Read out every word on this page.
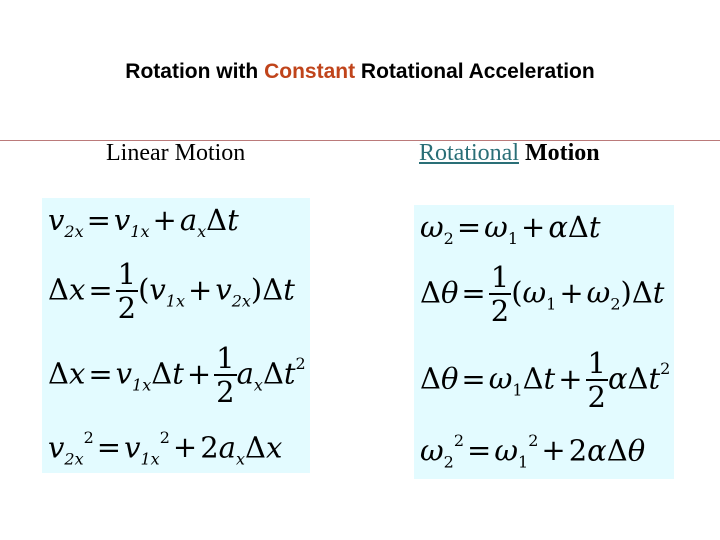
Rotation with Constant Rotational Acceleration
Linear Motion	Rotational Motion
$v_{2x} = v_{1x} + a_x\Delta t$
$\Delta x = \frac{1}{2} (v_{1x} + v_{2x})\Delta t$
$\Delta x = v_{1x}\Delta t + \frac{1}{2} a_x\Delta t^2$
$v_{2x}^2 = v_{1x}^2 + 2a_x\Delta x$
$\omega_2 = \omega_1 + \alpha\Delta t$
$\Delta\theta = \frac{1}{2} (\omega_1 + \omega_2)\Delta t$
$\Delta\theta = \omega_1\Delta t + \frac{1}{2} \alpha\Delta t^2$
$\omega_2^2 = \omega_1^2 + 2\alpha\Delta\theta$
